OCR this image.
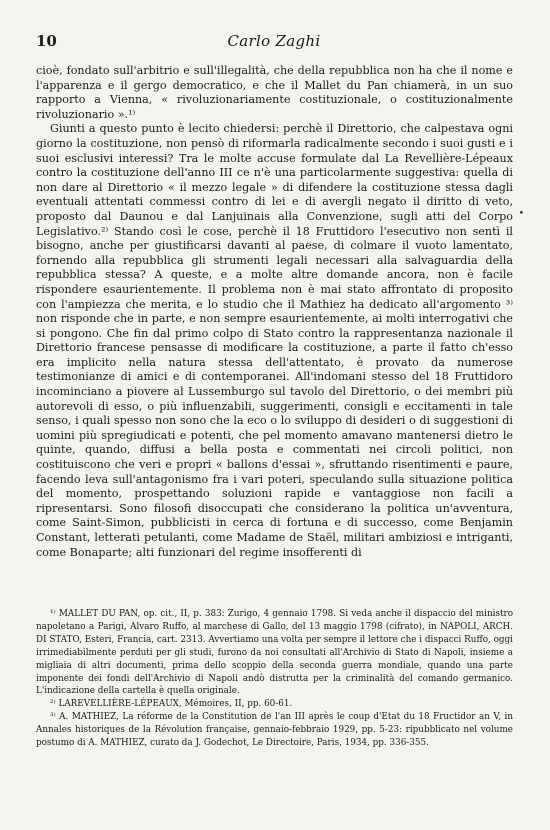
10	Carlo Zaghi

cioè, fondato sull'arbitrio e sull'illegalità, che della repubblica non ha che il nome e l'apparenza e il gergo democratico, e che il Mallet du Pan chiamerà, in un suo rapporto a Vienna, « rivoluzionariamente costituzionale, o costituzionalmente rivoluzionario ».¹⁾

Giunti a questo punto è lecito chiedersi: perchè il Direttorio, che calpestava ogni giorno la costituzione, non pensò di riformarla radicalmente secondo i suoi gusti e i suoi esclusivi interessi? Tra le molte accuse formulate dal La Revellière-Lépeaux contro la costituzione dell'anno III ce n'è una particolarmente suggestiva: quella di non dare al Direttorio « il mezzo legale » di difendere la costituzione stessa dagli eventuali attentati commessi contro di lei e di avergli negato il diritto di veto, proposto dal Daunou e dal Lanjuinais alla Convenzione, sugli atti del Corpo Legislativo.²⁾ Stando così le cose, perchè il 18 Fruttidoro l'esecutivo non sentì il bisogno, anche per giustificarsi davanti al paese, di colmare il vuoto lamentato, fornendo alla repubblica gli strumenti legali necessari alla salvaguardia della repubblica stessa? A queste, e a molte altre domande ancora, non è facile rispondere esaurientemente. Il problema non è mai stato affrontato di proposito con l'ampiezza che merita, e lo studio che il Mathiez ha dedicato all'argomento ³⁾ non risponde che in parte, e non sempre esaurientemente, ai molti interrogativi che si pongono. Che fin dal primo colpo di Stato contro la rappresentanza nazionale il Direttorio francese pensasse di modificare la costituzione, a parte il fatto ch'esso era implicito nella natura stessa dell'attentato, è provato da numerose testimonianze di amici e di contemporanei. All'indomani stesso del 18 Fruttidoro incominciano a piovere al Lussemburgo sul tavolo del Direttorio, o dei membri più autorevoli di esso, o più influenzabili, suggerimenti, consigli e eccitamenti in tale senso, i quali spesso non sono che la eco o lo sviluppo di desideri o di suggestioni di uomini più spregiudicati e potenti, che pel momento amavano mantenersi dietro le quinte, quando, diffusi a bella posta e commentati nei circoli politici, non costituiscono che veri e propri « ballons d'essai », sfruttando risentimenti e paure, facendo leva sull'antagonismo fra i vari poteri, speculando sulla situazione politica del momento, prospettando soluzioni rapide e vantaggiose non facili a ripresentarsi. Sono filosofi disoccupati che considerano la politica un'avventura, come Saint-Simon, pubblicisti in cerca di fortuna e di successo, come Benjamin Constant, letterati petulanti, come Madame de Staël, militari ambiziosi e intriganti, come Bonaparte; alti funzionari del regime insofferenti di

•

¹⁾ MALLET DU PAN, op. cit., II, p. 383: Zurigo, 4 gennaio 1798. Si veda anche il dispaccio del ministro napoletano a Parigi, Alvaro Ruffo, al marchese di Gallo, del 13 maggio 1798 (cifrato), in NAPOLI, ARCH. DI STATO, Esteri, Francia, cart. 2313. Avvertiamo una volta per sempre il lettore che i dispacci Ruffo, oggi irrimediabilmente perduti per gli studi, furono da noi consultati all'Archivio di Stato di Napoli, insieme a migliaia di altri documenti, prima dello scoppio della seconda guerra mondiale, quando una parte imponente dei fondi dell'Archivio di Napoli andò distrutta per la criminalità del comando germanico. L'indicazione della cartella è quella originale.

²⁾ LAREVELLIÈRE-LÉPEAUX, Mémoires, II, pp. 60-61.

³⁾ A. MATHIEZ, La réforme de la Constitution de l'an III après le coup d'Etat du 18 Fructidor an V, in Annales historiques de la Révolution française, gennaio-febbraio 1929, pp. 5-23: ripubblicato nel volume postumo di A. MATHIEZ, curato da J. Godechot, Le Directoire, Paris, 1934, pp. 336-355.
